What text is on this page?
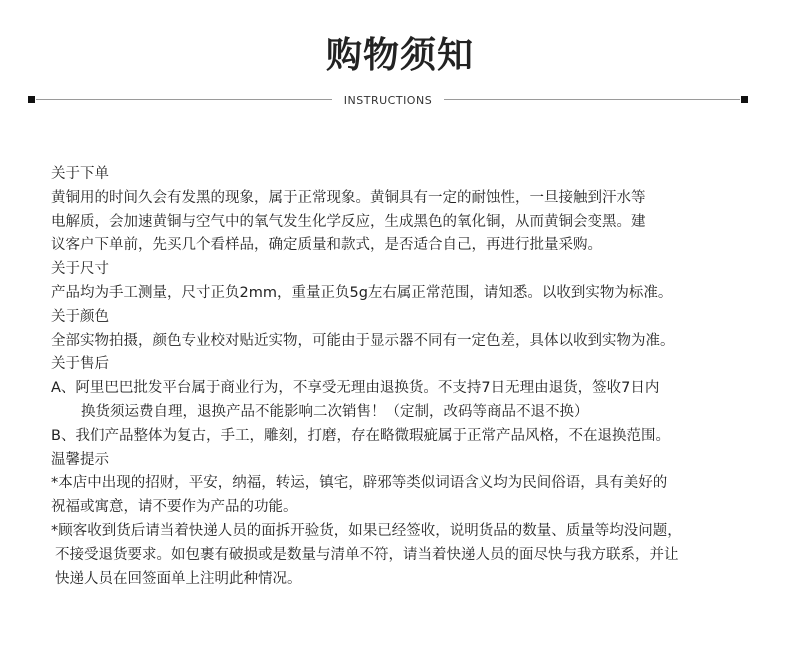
购物须知
INSTRUCTIONS

关于下单

黄铜用的时间久会有发黑的现象，属于正常现象。黄铜具有一定的耐蚀性，一旦接触到汗水等

电解质，会加速黄铜与空气中的氧气发生化学反应，生成黑色的氧化铜，从而黄铜会变黑。建

议客户下单前，先买几个看样品，确定质量和款式，是否适合自己，再进行批量采购。

关于尺寸

产品均为手工测量，尺寸正负2mm，重量正负5g左右属正常范围，请知悉。以收到实物为标准。

关于颜色

全部实物拍摄，颜色专业校对贴近实物，可能由于显示器不同有一定色差，具体以收到实物为准。

关于售后

A、阿里巴巴批发平台属于商业行为，不享受无理由退换货。不支持7日无理由退货，签收7日内

换货须运费自理，退换产品不能影响二次销售！（定制，改码等商品不退不换）

B、我们产品整体为复古，手工，雕刻，打磨，存在略微瑕疵属于正常产品风格，不在退换范围。

温馨提示

*本店中出现的招财，平安，纳福，转运，镇宅，辟邪等类似词语含义均为民间俗语，具有美好的

祝福或寓意，请不要作为产品的功能。

*顾客收到货后请当着快递人员的面拆开验货，如果已经签收，说明货品的数量、质量等均没问题，

不接受退货要求。如包裹有破损或是数量与清单不符，请当着快递人员的面尽快与我方联系，并让

快递人员在回签面单上注明此种情况。
